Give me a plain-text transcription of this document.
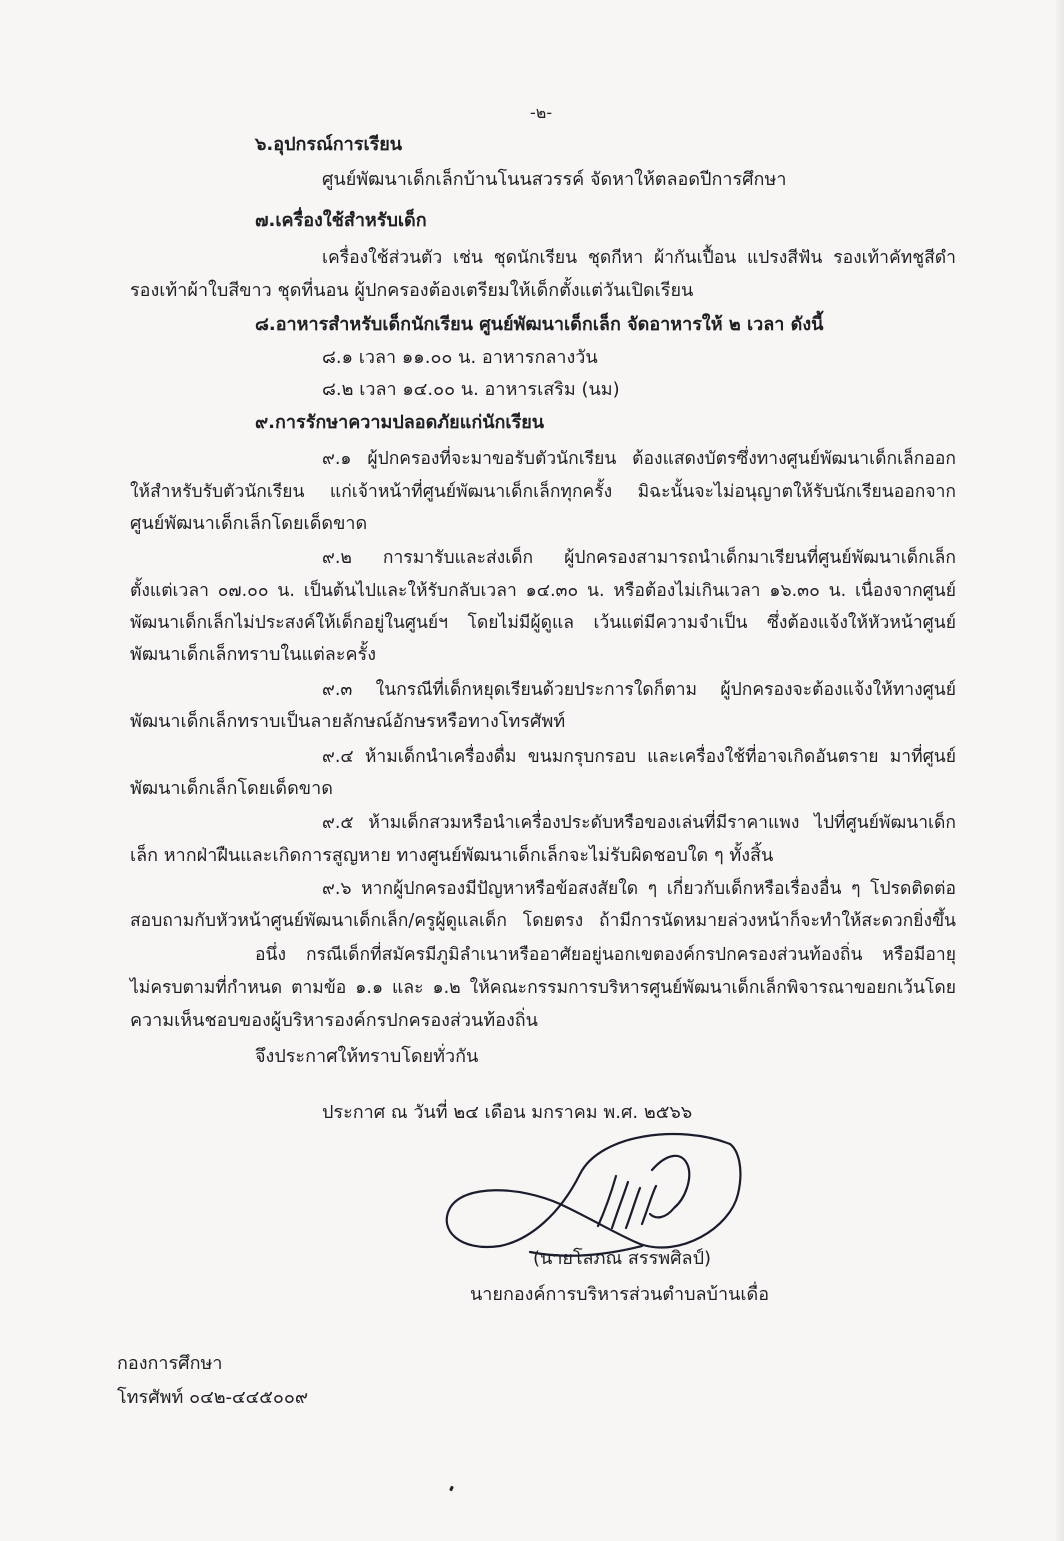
-๒-
๖.อุปกรณ์การเรียน
ศูนย์พัฒนาเด็กเล็กบ้านโนนสวรรค์ จัดหาให้ตลอดปีการศึกษา
๗.เครื่องใช้สำหรับเด็ก
เครื่องใช้ส่วนตัว เช่น ชุดนักเรียน ชุดกีหา ผ้ากันเปื้อน แปรงสีฟัน รองเท้าคัทชูสีดำ
รองเท้าผ้าใบสีขาว ชุดที่นอน ผู้ปกครองต้องเตรียมให้เด็กตั้งแต่วันเปิดเรียน
๘.อาหารสำหรับเด็กนักเรียน ศูนย์พัฒนาเด็กเล็ก จัดอาหารให้ ๒ เวลา ดังนี้
๘.๑ เวลา ๑๑.๐๐ น. อาหารกลางวัน
๘.๒ เวลา ๑๔.๐๐ น. อาหารเสริม (นม)
๙.การรักษาความปลอดภัยแก่นักเรียน
๙.๑ ผู้ปกครองที่จะมาขอรับตัวนักเรียน ต้องแสดงบัตรซึ่งทางศูนย์พัฒนาเด็กเล็กออก
ให้สำหรับรับตัวนักเรียน แก่เจ้าหน้าที่ศูนย์พัฒนาเด็กเล็กทุกครั้ง มิฉะนั้นจะไม่อนุญาตให้รับนักเรียนออกจาก
ศูนย์พัฒนาเด็กเล็กโดยเด็ดขาด
๙.๒ การมารับและส่งเด็ก ผู้ปกครองสามารถนำเด็กมาเรียนที่ศูนย์พัฒนาเด็กเล็ก
ตั้งแต่เวลา ๐๗.๐๐ น. เป็นต้นไปและให้รับกลับเวลา ๑๔.๓๐ น. หรือต้องไม่เกินเวลา ๑๖.๓๐ น. เนื่องจากศูนย์
พัฒนาเด็กเล็กไม่ประสงค์ให้เด็กอยู่ในศูนย์ฯ โดยไม่มีผู้ดูแล เว้นแต่มีความจำเป็น ซึ่งต้องแจ้งให้หัวหน้าศูนย์
พัฒนาเด็กเล็กทราบในแต่ละครั้ง
๙.๓ ในกรณีที่เด็กหยุดเรียนด้วยประการใดก็ตาม ผู้ปกครองจะต้องแจ้งให้ทางศูนย์
พัฒนาเด็กเล็กทราบเป็นลายลักษณ์อักษรหรือทางโทรศัพท์
๙.๔ ห้ามเด็กนำเครื่องดื่ม ขนมกรุบกรอบ และเครื่องใช้ที่อาจเกิดอันตราย มาที่ศูนย์
พัฒนาเด็กเล็กโดยเด็ดขาด
๙.๕ ห้ามเด็กสวมหรือนำเครื่องประดับหรือของเล่นที่มีราคาแพง ไปที่ศูนย์พัฒนาเด็ก
เล็ก หากฝ่าฝืนและเกิดการสูญหาย ทางศูนย์พัฒนาเด็กเล็กจะไม่รับผิดชอบใด ๆ ทั้งสิ้น
๙.๖ หากผู้ปกครองมีปัญหาหรือข้อสงสัยใด ๆ เกี่ยวกับเด็กหรือเรื่องอื่น ๆ โปรดติดต่อ
สอบถามกับหัวหน้าศูนย์พัฒนาเด็กเล็ก/ครูผู้ดูแลเด็ก โดยตรง ถ้ามีการนัดหมายล่วงหน้าก็จะทำให้สะดวกยิ่งขึ้น
อนึ่ง กรณีเด็กที่สมัครมีภูมิลำเนาหรืออาศัยอยู่นอกเขตองค์กรปกครองส่วนท้องถิ่น หรือมีอายุ
ไม่ครบตามที่กำหนด ตามข้อ ๑.๑ และ ๑.๒ ให้คณะกรรมการบริหารศูนย์พัฒนาเด็กเล็กพิจารณาขอยกเว้นโดย
ความเห็นชอบของผู้บริหารองค์กรปกครองส่วนท้องถิ่น
จึงประกาศให้ทราบโดยทั่วกัน
ประกาศ ณ วันที่ ๒๔ เดือน มกราคม พ.ศ. ๒๕๖๖
(นายโสภณ สรรพศิลป์)
นายกองค์การบริหารส่วนตำบลบ้านเดื่อ
กองการศึกษา
โทรศัพท์ ๐๔๒-๔๔๕๐๐๙
